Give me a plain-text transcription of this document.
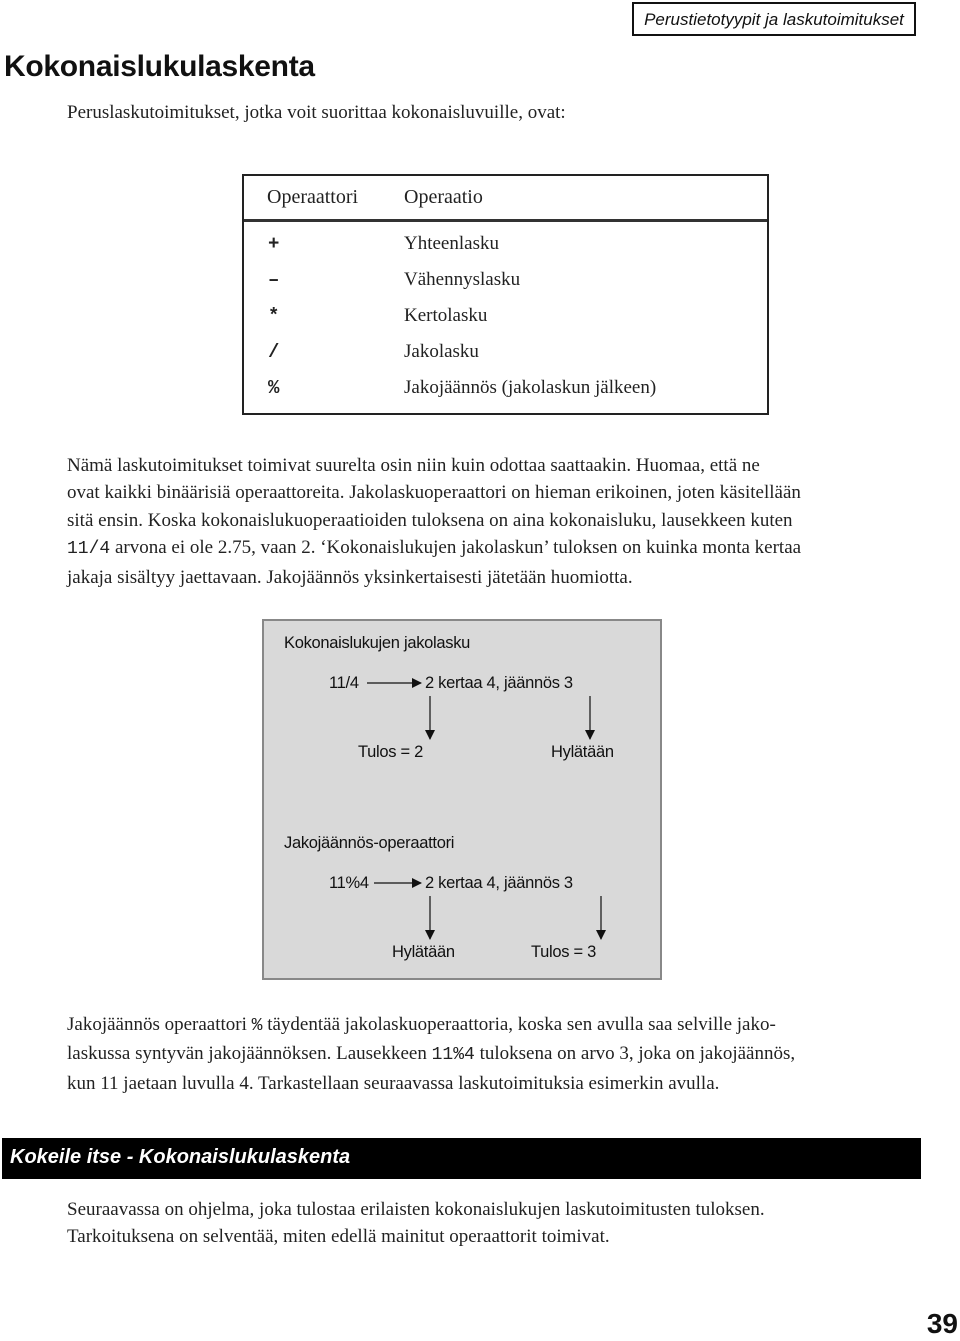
Perustietotyypit ja laskutoimitukset
Kokonaislukulaskenta
Peruslaskutoimitukset, jotka voit suorittaa kokonaisluvuille, ovat:
Operaattori Operaatio
+	Yhteenlasku
–	Vähennyslasku
*	Kertolasku
/	Jakolasku
%	Jakojäännös (jakolaskun jälkeen)
Nämä laskutoimitukset toimivat suurelta osin niin kuin odottaa saattaakin. Huomaa, että ne
ovat kaikki binäärisiä operaattoreita. Jakolaskuoperaattori on hieman erikoinen, joten käsitellään
sitä ensin. Koska kokonaislukuoperaatioiden tuloksena on aina kokonaisluku, lausekkeen kuten
11/4 arvona ei ole 2.75, vaan 2. ‘Kokonaislukujen jakolaskun’ tuloksen on kuinka monta kertaa
jakaja sisältyy jaettavaan. Jakojäännös yksinkertaisesti jätetään huomiotta.
Kokonaislukujen jakolasku
11/4	2 kertaa 4, jäännös 3
Tulos = 2	Hylätään
Jakojäännös-operaattori
11%4	2 kertaa 4, jäännös 3
Hylätään	Tulos = 3
Jakojäännös operaattori % täydentää jakolaskuoperaattoria, koska sen avulla saa selville jako-
laskussa syntyvän jakojäännöksen. Lausekkeen 11%4 tuloksena on arvo 3, joka on jakojäännös,
kun 11 jaetaan luvulla 4. Tarkastellaan seuraavassa laskutoimituksia esimerkin avulla.
Kokeile itse - Kokonaislukulaskenta
Seuraavassa on ohjelma, joka tulostaa erilaisten kokonaislukujen laskutoimitusten tuloksen.
Tarkoituksena on selventää, miten edellä mainitut operaattorit toimivat.
39
